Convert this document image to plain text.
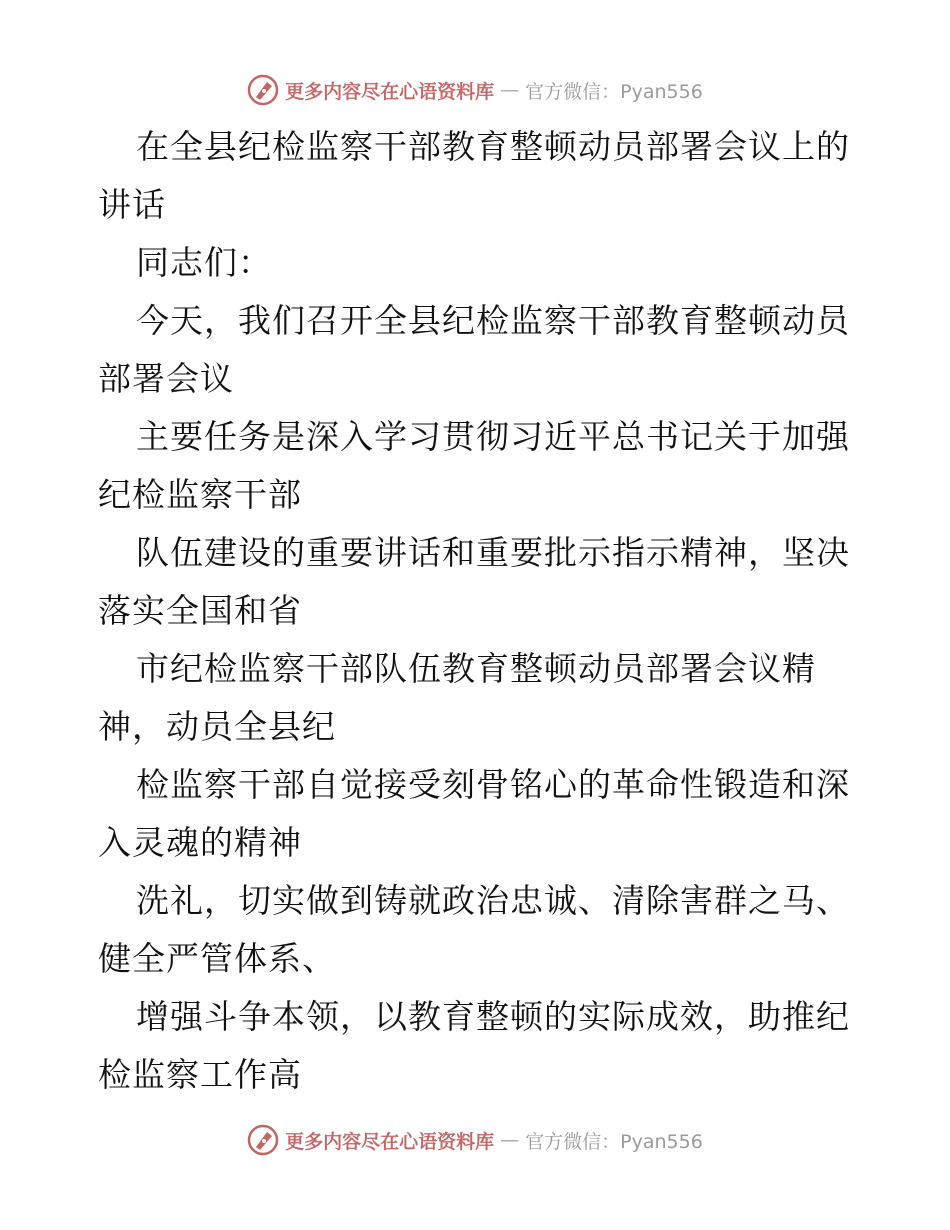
更多内容尽在心语资料库 — 官方微信：Pyan556
在全县纪检监察干部教育整顿动员部署会议上的
讲话
同志们：
今天，我们召开全县纪检监察干部教育整顿动员
部署会议
主要任务是深入学习贯彻习近平总书记关于加强
纪检监察干部
队伍建设的重要讲话和重要批示指示精神，坚决
落实全国和省
市纪检监察干部队伍教育整顿动员部署会议精
神，动员全县纪
检监察干部自觉接受刻骨铭心的革命性锻造和深
入灵魂的精神
洗礼，切实做到铸就政治忠诚、清除害群之马、
健全严管体系、
增强斗争本领，以教育整顿的实际成效，助推纪
检监察工作高
更多内容尽在心语资料库 — 官方微信：Pyan556
